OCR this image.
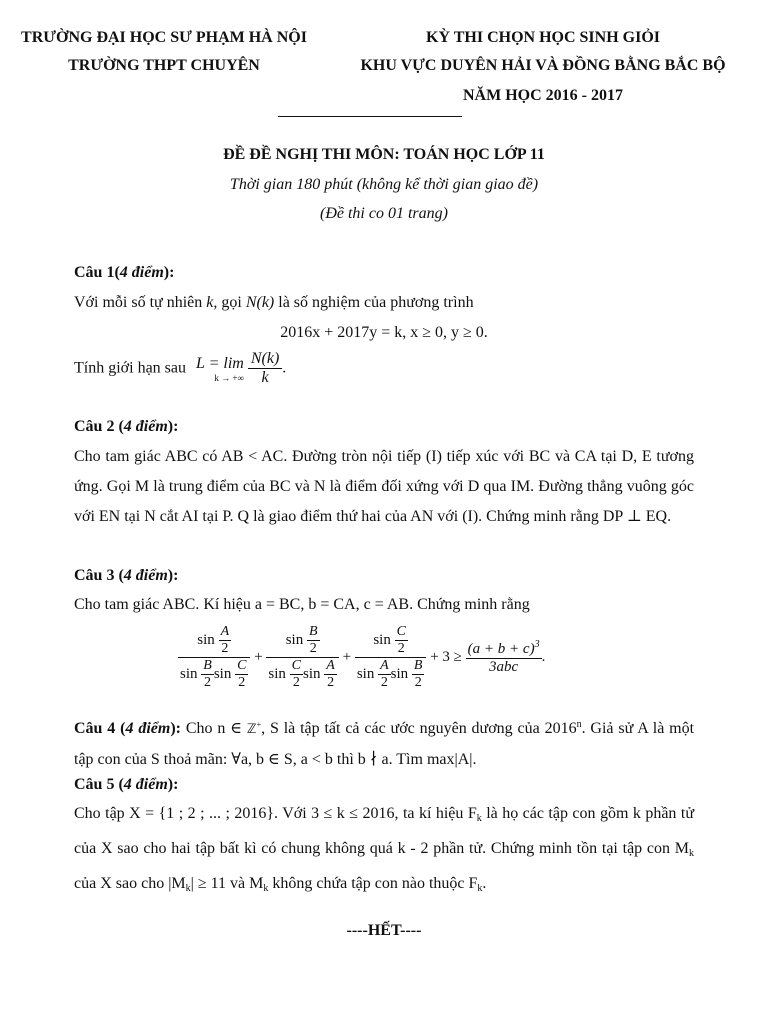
TRƯỜNG ĐẠI HỌC SƯ PHẠM HÀ NỘI
TRƯỜNG THPT CHUYÊN
KỲ THI CHỌN HỌC SINH GIỎI
KHU VỰC DUYÊN HẢI VÀ ĐỒNG BẰNG BẮC BỘ
NĂM HỌC 2016 - 2017
ĐỀ ĐỀ NGHỊ THI MÔN: TOÁN HỌC LỚP 11
Thời gian 180 phút (không kể thời gian giao đề)
(Đề thi co 01 trang)
Câu 1(4 điểm):
Với mỗi số tự nhiên k, gọi N(k) là số nghiệm của phương trình
2016x + 2017y = k, x ≥ 0, y ≥ 0.
Tính giới hạn sau L = lim
k → +∞
$\frac{N(k)}{k}$ .
Câu 2 (4 điểm):
Cho tam giác ABC có AB < AC. Đường tròn nội tiếp (I) tiếp xúc với BC và CA tại D, E tương ứng. Gọi M là trung điểm của BC và N là điểm đối xứng với D qua IM. Đường thẳng vuông góc với EN tại N cắt AI tại P. Q là giao điểm thứ hai của AN với (I). Chứng minh rằng DP ⊥ EQ.
Câu 3 (4 điểm):
Cho tam giác ABC. Kí hiệu a = BC, b = CA, c = AB. Chứng minh rằng
$\frac{\sin \frac{A}{2}}{\sin \frac{B}{2} \sin \frac{C}{2}} + \frac{\sin \frac{B}{2}}{\sin \frac{C}{2} \sin \frac{A}{2}} + \frac{\sin \frac{C}{2}}{\sin \frac{A}{2} \sin \frac{B}{2}} + 3 \ge (a + b + c)^3$
3abc
.
Câu 4 (4 điểm): Cho n ∈ ℤ+, S là tập tất cả các ước nguyên dương của 2016$^n$. Giả sử A là một tập con của S thoả mãn: ∀a, b ∈ S, a < b thì b ∤ a. Tìm max|A|.
Câu 5 (4 điểm):
Cho tập X = {1 ; 2 ; ... ; 2016}. Với 3 ≤ k ≤ 2016, ta kí hiệu $F_k$ là họ các tập con gồm k phần tử của X sao cho hai tập bất kì có chung không quá k - 2 phần tử. Chứng minh tồn tại tập con $M_k$ của X sao cho $|M_k| \ge 11$ và $M_k$ không chứa tập con nào thuộc $F_k$.
----HẾT----
